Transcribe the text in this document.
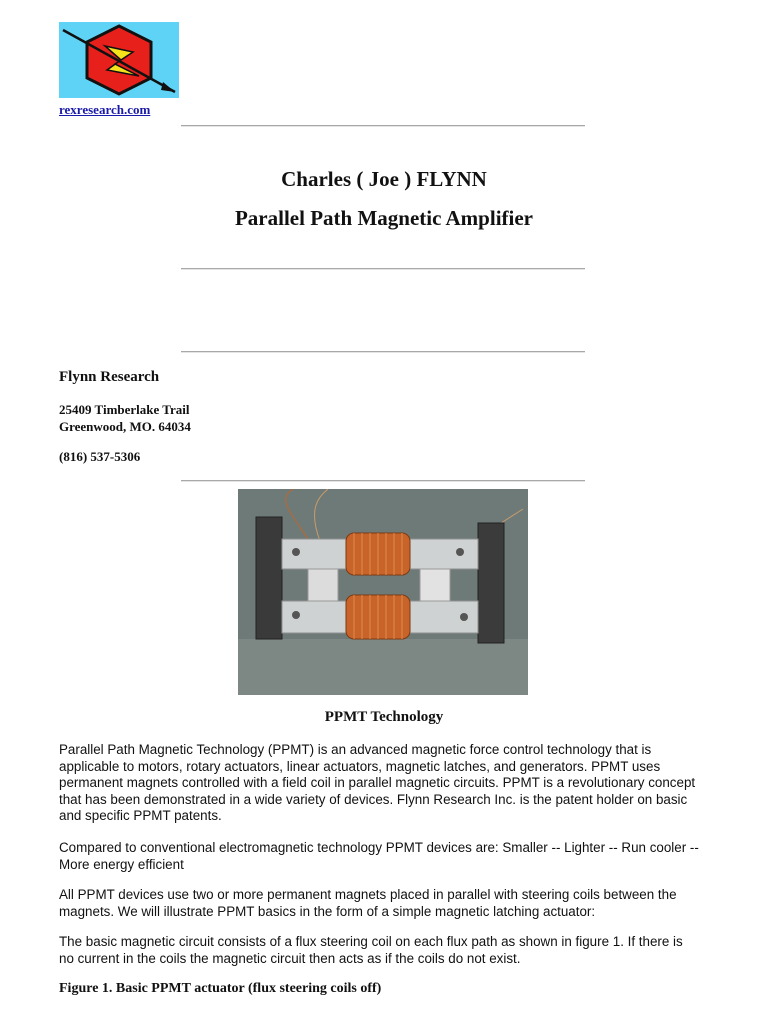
rexresearch.com
Charles ( Joe ) FLYNN
Parallel Path Magnetic Amplifier
Flynn Research
25409 Timberlake Trail
Greenwood, MO. 64034
(816) 537-5306
PPMT Technology

Parallel Path Magnetic Technology (PPMT) is an advanced magnetic force control technology that is applicable to motors, rotary actuators, linear actuators, magnetic latches, and generators. PPMT uses permanent magnets controlled with a field coil in parallel magnetic circuits. PPMT is a revolutionary concept that has been demonstrated in a wide variety of devices. Flynn Research Inc. is the patent holder on basic and specific PPMT patents.

Compared to conventional electromagnetic technology PPMT devices are: Smaller -- Lighter -- Run cooler -- More energy efficient

All PPMT devices use two or more permanent magnets placed in parallel with steering coils between the magnets. We will illustrate PPMT basics in the form of a simple magnetic latching actuator:

The basic magnetic circuit consists of a flux steering coil on each flux path as shown in figure 1. If there is no current in the coils the magnetic circuit then acts as if the coils do not exist.

Figure 1. Basic PPMT actuator (flux steering coils off)
